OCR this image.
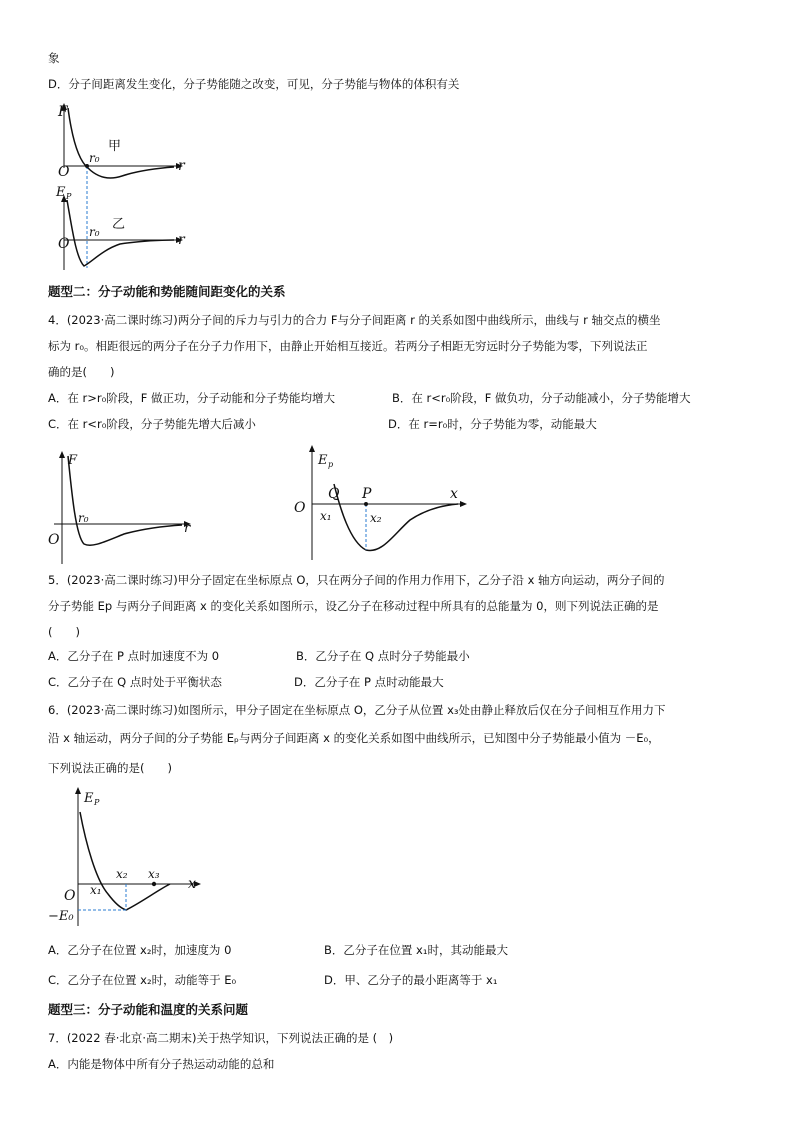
象
D．分子间距离发生变化，分子势能随之改变，可见，分子势能与物体的体积有关
F
O
r₀
甲
r
E P
O
r₀ 乙
r
题型二：分子动能和势能随间距变化的关系
4．(2023·高二课时练习)两分子间的斥力与引力的合力 F与分子间距离 r 的关系如图中曲线所示，曲线与 r 轴交点的横坐
标为 r₀。相距很远的两分子在分子力作用下，由静止开始相互接近。若两分子相距无穷远时分子势能为零，下列说法正
确的是(　　)
A．在 r>r₀阶段，F 做正功，分子动能和分子势能均增大	B．在 r<r₀阶段，F 做负功，分子动能减小，分子势能增大
C．在 r<r₀阶段，分子势能先增大后减小	D．在 r=r₀时，分子势能为零，动能最大
F
r₀
O
r
E p
Q P	x
O x₁	x₂
5．(2023·高二课时练习)甲分子固定在坐标原点 O，只在两分子间的作用力作用下，乙分子沿 x 轴方向运动，两分子间的
分子势能 Ep 与两分子间距离 x 的变化关系如图所示，设乙分子在移动过程中所具有的总能量为 0，则下列说法正确的是
(　　)
A．乙分子在 P 点时加速度不为 0	B．乙分子在 Q 点时分子势能最小
C．乙分子在 Q 点时处于平衡状态	D．乙分子在 P 点时动能最大
6．(2023·高二课时练习)如图所示，甲分子固定在坐标原点 O，乙分子从位置 x₃处由静止释放后仅在分子间相互作用力下
沿 x 轴运动，两分子间的分子势能 Eₚ与两分子间距离 x 的变化关系如图中曲线所示，已知图中分子势能最小值为 －E₀，
下列说法正确的是(　　)
E P
x
O x₁
x₂ x₃
−E₀
A．乙分子在位置 x₂时，加速度为 0	B．乙分子在位置 x₁时，其动能最大
C．乙分子在位置 x₂时，动能等于 E₀	D．甲、乙分子的最小距离等于 x₁
题型三：分子动能和温度的关系问题
7．(2022 春·北京·高二期末)关于热学知识，下列说法正确的是 (　)
A．内能是物体中所有分子热运动动能的总和
